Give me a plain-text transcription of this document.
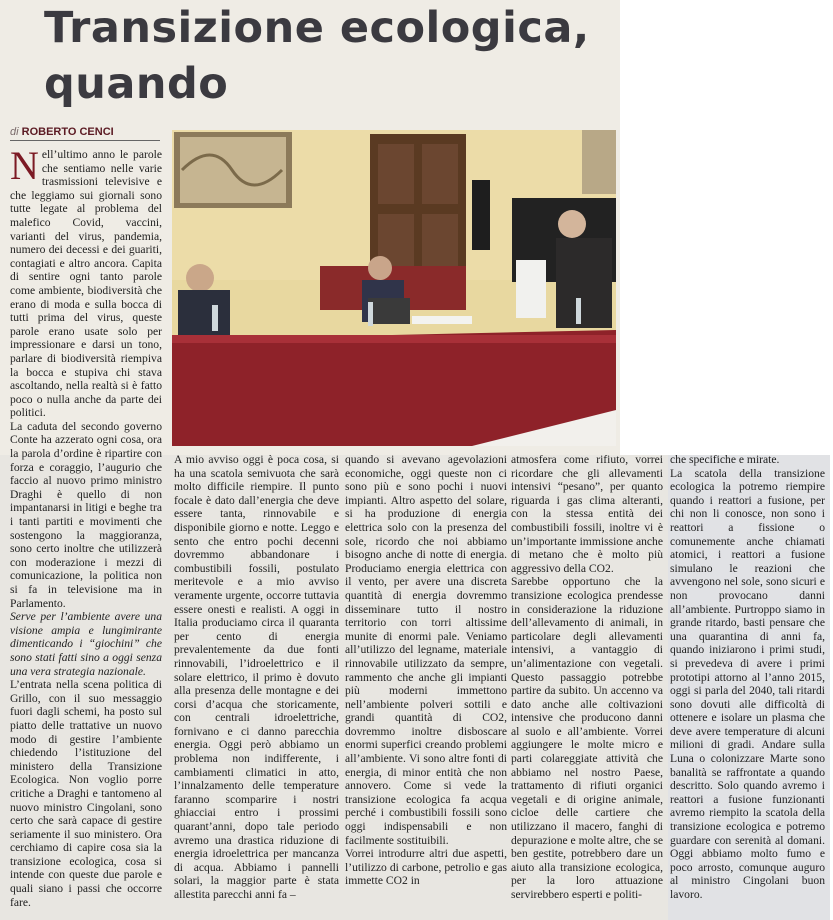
Transizione ecologica, quando
di ROBERTO CENCI

Nell’ultimo anno le parole che sentiamo nelle varie trasmissioni televisive e che leggiamo sui giornali sono tutte legate al problema del malefico Covid, vaccini, varianti del virus, pandemia, numero dei decessi e dei guariti, contagiati e altro ancora. Capita di sentire ogni tanto parole come ambiente, biodiversità che erano di moda e sulla bocca di tutti prima del virus, queste parole erano usate solo per impressionare e darsi un tono, parlare di biodiversità riempiva la bocca e stupiva chi stava ascoltando, nella realtà si è fatto poco o nulla anche da parte dei politici.

La caduta del secondo governo Conte ha azzerato ogni cosa, ora la parola d’ordine è ripartire con forza e coraggio, l’augurio che faccio al nuovo primo ministro Draghi è quello di non impantanarsi in litigi e beghe tra i tanti partiti e movimenti che sostengono la maggioranza, sono certo inoltre che utilizzerà con moderazione i mezzi di comunicazione, la politica non si fa in televisione ma in Parlamento.

Serve per l’ambiente avere una visione ampia e lungimirante dimenticando i “giochini” che sono stati fatti sino a oggi senza una vera strategia nazionale.

L’entrata nella scena politica di Grillo, con il suo messaggio fuori dagli schemi, ha posto sul piatto delle trattative un nuovo modo di gestire l’ambiente chiedendo l’istituzione del ministero della Transizione Ecologica. Non voglio porre critiche a Draghi e tantomeno al nuovo ministro Cingolani, sono certo che sarà capace di gestire seriamente il suo ministero. Ora cerchiamo di capire cosa sia la transizione ecologica, cosa si intende con queste due parole e quali siano i passi che occorre fare.

A mio avviso oggi è poca cosa, si ha una scatola semivuota che sarà molto difficile riempire. Il punto focale è dato dall’energia che deve essere tanta, rinnovabile e disponibile giorno e notte. Leggo e sento che entro pochi decenni dovremmo abbandonare i combustibili fossili, postulato meritevole e a mio avviso veramente urgente, occorre tuttavia essere onesti e realisti. A oggi in Italia produciamo circa il quaranta per cento di energia prevalentemente da due fonti rinnovabili, l’idroelettrico e il solare elettrico, il primo è dovuto alla presenza delle montagne e dei corsi d’acqua che storicamente, con centrali idroelettriche, fornivano e ci danno parecchia energia. Oggi però abbiamo un problema non indifferente, i cambiamenti climatici in atto, l’innalzamento delle temperature faranno scomparire i nostri ghiacciai entro i prossimi quarant’anni, dopo tale periodo avremo una drastica riduzione di energia idroelettrica per mancanza di acqua. Abbiamo i pannelli solari, la maggior parte è stata allestita parecchi anni fa –

quando si avevano agevolazioni economiche, oggi queste non ci sono più e sono pochi i nuovi impianti. Altro aspetto del solare, si ha produzione di energia elettrica solo con la presenza del sole, ricordo che noi abbiamo bisogno anche di notte di energia. Produciamo energia elettrica con il vento, per avere una discreta quantità di energia dovremmo disseminare tutto il nostro territorio con torri altissime munite di enormi pale. Veniamo all’utilizzo del legname, materiale rinnovabile utilizzato da sempre, rammento che anche gli impianti più moderni immettono nell’ambiente polveri sottili e grandi quantità di CO2, dovremmo inoltre disboscare enormi superfici creando problemi all’ambiente. Vi sono altre fonti di energia, di minor entità che non annovero. Come si vede la transizione ecologica fa acqua perché i combustibili fossili sono oggi indispensabili e non facilmente sostituibili.

Vorrei introdurre altri due aspetti, l’utilizzo di carbone, petrolio e gas immette CO2 in

atmosfera come rifiuto, vorrei ricordare che gli allevamenti intensivi “pesano”, per quanto riguarda i gas clima alteranti, con la stessa entità dei combustibili fossili, inoltre vi è un’importante immissione anche di metano che è molto più aggressivo della CO2.

Sarebbe opportuno che la transizione ecologica prendesse in considerazione la riduzione dell’allevamento di animali, in particolare degli allevamenti intensivi, a vantaggio di un’alimentazione con vegetali. Questo passaggio potrebbe partire da subito. Un accenno va dato anche alle coltivazioni intensive che producono danni al suolo e all’ambiente. Vorrei aggiungere le molte micro e parti colareggiate attività che abbiamo nel nostro Paese, trattamento di rifiuti organici vegetali e di origine animale, cicloe delle cartiere che utilizzano il macero, fanghi di depurazione e molte altre, che se ben gestite, potrebbero dare un aiuto alla transizione ecologica, per la loro attuazione servirebbero esperti e politi-

che specifiche e mirate.

La scatola della transizione ecologica la potremo riempire quando i reattori a fusione, per chi non li conosce, non sono i reattori a fissione o comunemente anche chiamati atomici, i reattori a fusione simulano le reazioni che avvengono nel sole, sono sicuri e non provocano danni all’ambiente. Purtroppo siamo in grande ritardo, basti pensare che una quarantina di anni fa, quando iniziarono i primi studi, si prevedeva di avere i primi prototipi attorno al l’anno 2015, oggi si parla del 2040, tali ritardi sono dovuti alle difficoltà di ottenere e isolare un plasma che deve avere temperature di alcuni milioni di gradi. Andare sulla Luna o colonizzare Marte sono banalità se raffrontate a quando descritto. Solo quando avremo i reattori a fusione funzionanti avremo riempito la scatola della transizione ecologica e potremo guardare con serenità al domani. Oggi abbiamo molto fumo e poco arrosto, comunque auguro al ministro Cingolani buon lavoro.
